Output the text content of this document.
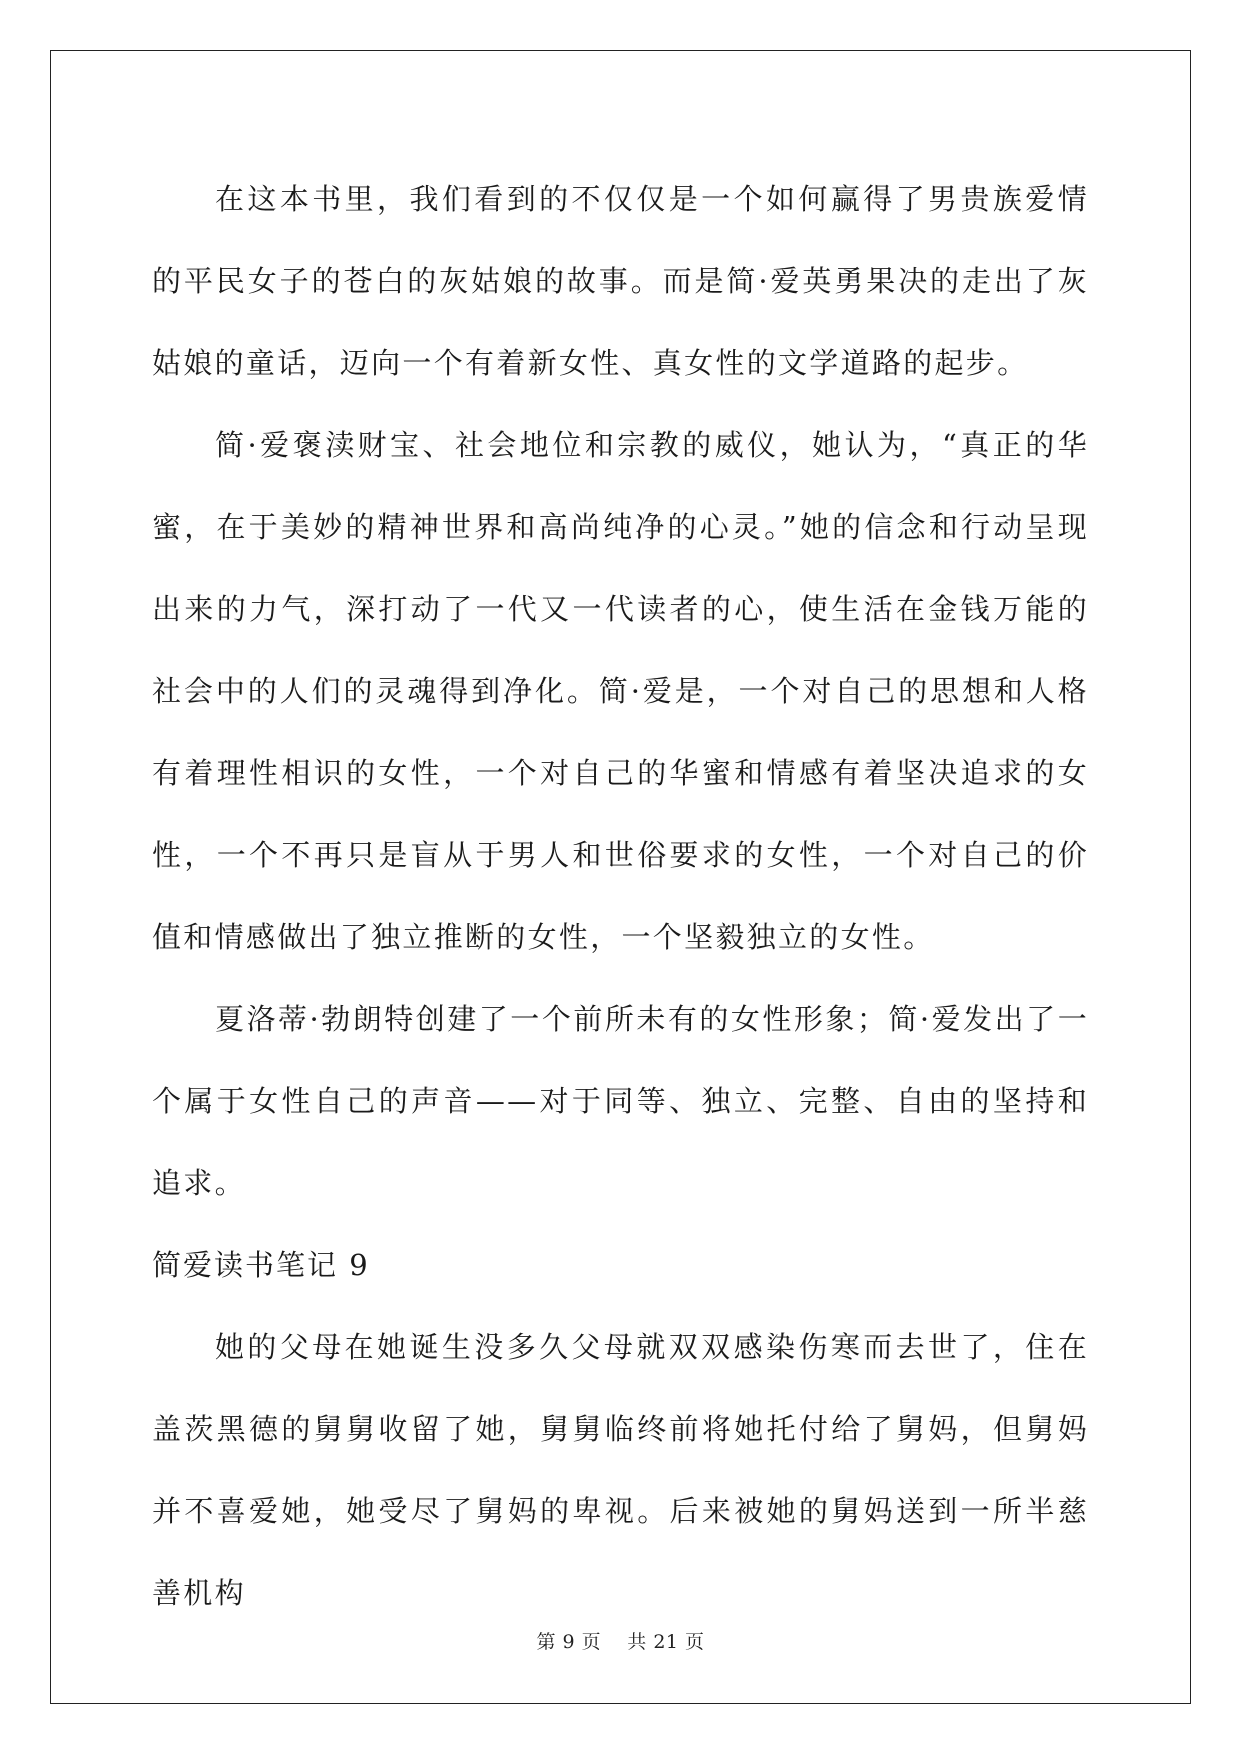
在这本书里，我们看到的不仅仅是一个如何赢得了男贵族爱情的平民女子的苍白的灰姑娘的故事。而是简·爱英勇果决的走出了灰姑娘的童话，迈向一个有着新女性、真女性的文学道路的起步。

简·爱褒渎财宝、社会地位和宗教的威仪，她认为，“真正的华蜜，在于美妙的精神世界和高尚纯净的心灵。”她的信念和行动呈现出来的力气，深打动了一代又一代读者的心，使生活在金钱万能的社会中的人们的灵魂得到净化。简·爱是，一个对自己的思想和人格有着理性相识的女性，一个对自己的华蜜和情感有着坚决追求的女性，一个不再只是盲从于男人和世俗要求的女性，一个对自己的价值和情感做出了独立推断的女性，一个坚毅独立的女性。

夏洛蒂·勃朗特创建了一个前所未有的女性形象；简·爱发出了一个属于女性自己的声音——对于同等、独立、完整、自由的坚持和追求。

简爱读书笔记 9

她的父母在她诞生没多久父母就双双感染伤寒而去世了，住在盖茨黑德的舅舅收留了她，舅舅临终前将她托付给了舅妈，但舅妈并不喜爱她，她受尽了舅妈的卑视。后来被她的舅妈送到一所半慈善机构

第 9 页 共 21 页
